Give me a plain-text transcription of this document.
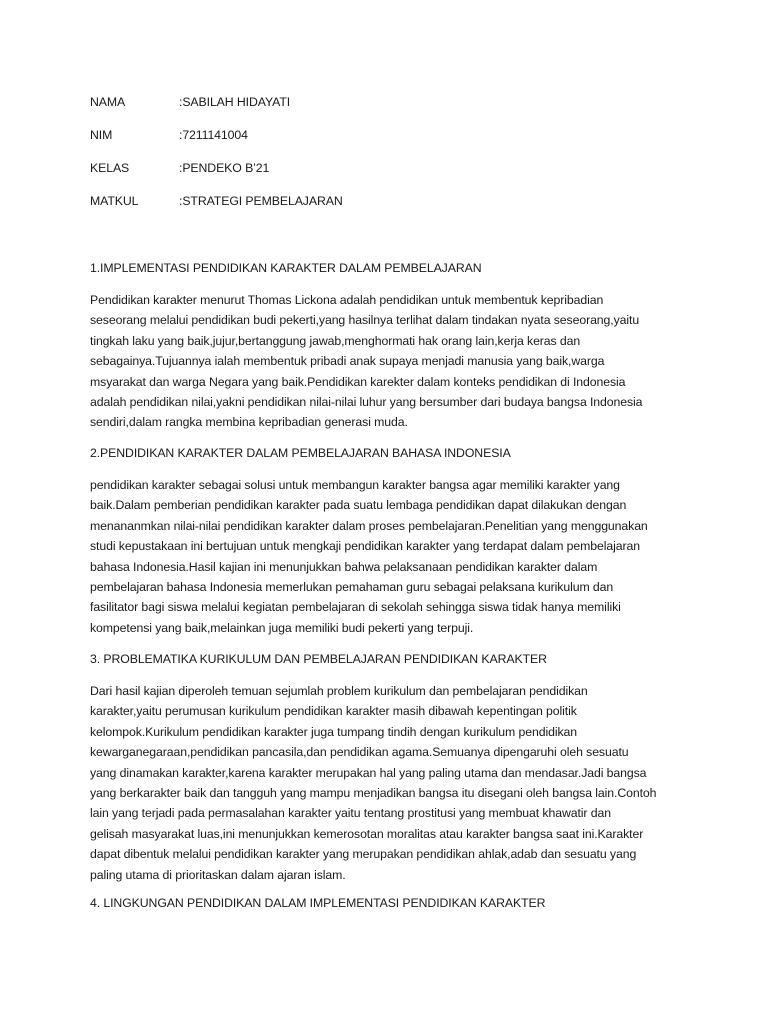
NAMA	:SABILAH HIDAYATI
NIM	:7211141004
KELAS	:PENDEKO B’21
MATKUL	:STRATEGI PEMBELAJARAN
1.IMPLEMENTASI PENDIDIKAN KARAKTER DALAM PEMBELAJARAN
Pendidikan karakter menurut Thomas Lickona adalah pendidikan untuk membentuk kepribadian
seseorang melalui pendidikan budi pekerti,yang hasilnya terlihat dalam tindakan nyata seseorang,yaitu
tingkah laku yang baik,jujur,bertanggung jawab,menghormati hak orang lain,kerja keras dan
sebagainya.Tujuannya ialah membentuk pribadi anak supaya menjadi manusia yang baik,warga
msyarakat dan warga Negara yang baik.Pendidikan karekter dalam konteks pendidikan di Indonesia
adalah pendidikan nilai,yakni pendidikan nilai-nilai luhur yang bersumber dari budaya bangsa Indonesia
sendiri,dalam rangka membina kepribadian generasi muda.
2.PENDIDIKAN KARAKTER DALAM PEMBELAJARAN BAHASA INDONESIA
pendidikan karakter sebagai solusi untuk membangun karakter bangsa agar memiliki karakter yang
baik.Dalam pemberian pendidikan karakter pada suatu lembaga pendidikan dapat dilakukan dengan
menananmkan nilai-nilai pendidikan karakter dalam proses pembelajaran.Penelitian yang menggunakan
studi kepustakaan ini bertujuan untuk mengkaji pendidikan karakter yang terdapat dalam pembelajaran
bahasa Indonesia.Hasil kajian ini menunjukkan bahwa pelaksanaan pendidikan karakter dalam
pembelajaran bahasa Indonesia memerlukan pemahaman guru sebagai pelaksana kurikulum dan
fasilitator bagi siswa melalui kegiatan pembelajaran di sekolah sehingga siswa tidak hanya memiliki
kompetensi yang baik,melainkan juga memiliki budi pekerti yang terpuji.
3. PROBLEMATIKA KURIKULUM DAN PEMBELAJARAN PENDIDIKAN KARAKTER
Dari hasil kajian diperoleh temuan sejumlah problem kurikulum dan pembelajaran pendidikan
karakter,yaitu perumusan kurikulum pendidikan karakter masih dibawah kepentingan politik
kelompok.Kurikulum pendidikan karakter juga tumpang tindih dengan kurikulum pendidikan
kewarganegaraan,pendidikan pancasila,dan pendidikan agama.Semuanya dipengaruhi oleh sesuatu
yang dinamakan karakter,karena karakter merupakan hal yang paling utama dan mendasar.Jadi bangsa
yang berkarakter baik dan tangguh yang mampu menjadikan bangsa itu disegani oleh bangsa lain.Contoh
lain yang terjadi pada permasalahan karakter yaitu tentang prostitusi yang membuat khawatir dan
gelisah masyarakat luas,ini menunjukkan kemerosotan moralitas atau karakter bangsa saat ini.Karakter
dapat dibentuk melalui pendidikan karakter yang merupakan pendidikan ahlak,adab dan sesuatu yang
paling utama di prioritaskan dalam ajaran islam.
4. LINGKUNGAN PENDIDIKAN DALAM IMPLEMENTASI PENDIDIKAN KARAKTER
